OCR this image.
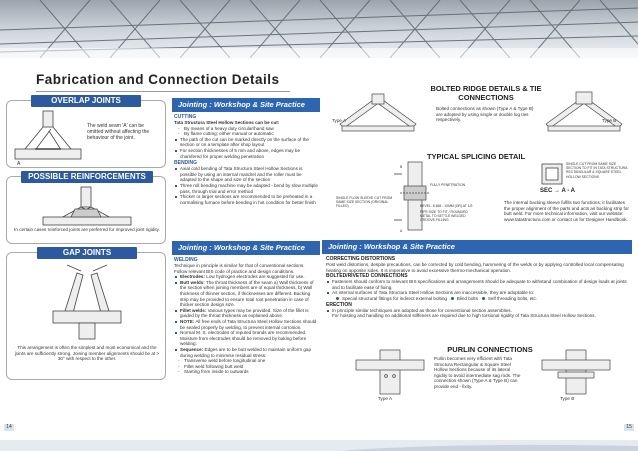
Fabrication and Connection Details
OVERLAP JOINTS
A
The weld seam 'A' can be omitted without affecting the behaviour of the joint.
POSSIBLE REINFORCEMENTS
In certain cases reinforced joints are preferred for improved joint rigidity.
GAP JOINTS
This arrangement is often the simplest and most economical and the joints are sufficiently strong. Joining member alignments should be at > 30° with respect to the other.
Jointing : Workshop & Site Practice
CUTTING
Tata Structura Steel Hollow Sections can be cut:
- By means of a heavy duty circular/hand saw
- By flame cutting; either manual or automatic
The path of the cut can be marked directly on the surface of the section or on a template after shop layout
For section thicknesses of 5 mm and above, edges may be chamfered for proper welding penetration
BENDING
Axial cold bending of Tata Structura Steel Hollow Sections is possible by using an internal mandrel and the roller must be adapted to the shape and size of the section
Three roll bending machine may be adapted - bend by slow multiple pass, through trial and error method
Thicker or larger sections are recommended to be preheated in a normalising furnace before bending in hot condition for better finish
Jointing : Workshop & Site Practice
WELDING
Technique in principle is similar for that of conventional sections. Follow relevant BIS code of practice and design conditions.
Electrodes: Low hydrogen electrodes are suggested for use.
Butt welds: The throat thickness of the seam a) Wall thickness of the section when joining members are of equal thickness, b) Wall thickness of thinner section, if thicknesses are different. Backing strip may be provided to ensure total root penetration in case of thicker section design size.
Fillet welds: Various types may be provided. Size of the fillet is guided by the throat thickness as explained above.
NOTE: All free ends of Tata Structura Steel Hollow Sections should be sealed properly by welding, to prevent internal corrosion.
Normal M. S. electrodes of reputed brands are recommended. Moisture from electrodes should be removed by baking before welding.
Sequence: Edges are to be butt welded to maintain uniform gap during welding to minimise residual stress:
- Transverse weld before longitudinal one
- Fillet weld following butt weld
- Starting from inside to outwards
BOLTED RIDGE DETAILS & TIE CONNECTIONS
Type A
Bolted connections as shown (Type A & Type B) are adopted by using single or double lug ties respectively.	Type B
TYPICAL SPLICING DETAIL
FULLY PENETRATION
B
A
SINGLE FLOW SLEEVE CUT FROM SAME SIZE SECTION (ORIGINAL FILLED)
PIPE SIZE TO FIT / ROUNDED METAL TO SETTLE WELDED GROOVE FILLING
BEVEL: 6 MM - 10MM (OR) AT 1/3
SINGLE CUT FROM SAME SIZE SECTION TO FIT IN TATA STRUCTURA RECTANGULAR & SQUARE STEEL HOLLOW SECTIONS
SEC → A - A
The internal backing sleeve fulfils two functions; it facilitates the proper alignment of the parts and acts as backing strip for butt weld. For more technical information, visit our website: www.tatastructura.com or contact us for Designer Handbook.
Jointing : Workshop & Site Practice
CORRECTING DISTORTIONS
Post weld distortions, despite precautions, can be corrected by cold bending, hammering of the welds or by applying controlled local compensating heating on opposite sides. It is imperative to avoid excessive thermo-mechanical operation.
BOLTED/RIVETED CONNECTIONS
Fasteners should conform to relevant BIS specifications and arrangements should be adequate to withstand combination of design loads at joints and to facilitate ease of fixing.
As internal surfaces of Tata Structura Steel Hollow Sections are inaccessible, they are adoptable to:
Special structural fittings for indirect external bolting Blind bolts Self threading bolts, etc.
ERECTION
In principle similar techniques are adopted as those for conventional section assemblies.
For hoisting and handling no additional stiffeners are required due to high torsional rigidity of Tata Structura Steel Hollow Sections.
PURLIN CONNECTIONS
Type A
Purlin becomes very efficient with Tata Structura Rectangular & Square Steel Hollow Sections because of its lateral rigidity to avoid intermediate sag rods. The connection shown (Type A & Type B) can provide end - fixity.
Type B
14	15
